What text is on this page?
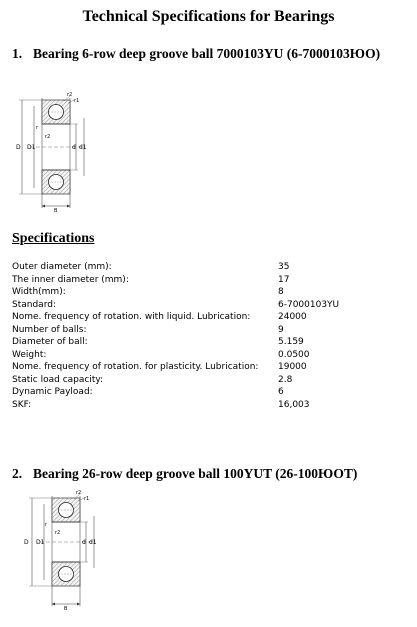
Technical Specifications for Bearings
1. Bearing 6-row deep groove ball 7000103YU (6-7000103ЮО)
r2
r1
r
r2
D D1	d d1
B
Specifications
Outer diameter (mm):	35
The inner diameter (mm):	17
Width(mm):	8
Standard:	6-7000103YU
Nome. frequency of rotation. with liquid. Lubrication:	24000
Number of balls:	9
Diameter of ball:	5.159
Weight:	0.0500
Nome. frequency of rotation. for plasticity. Lubrication: 19000
Static load capacity:	2.8
Dynamic Payload:	6
SKF:	16,003
2. Bearing 26-row deep groove ball 100YUT (26-100ЮОТ)
r2
r1
r
r2
D D1	d d1
B
